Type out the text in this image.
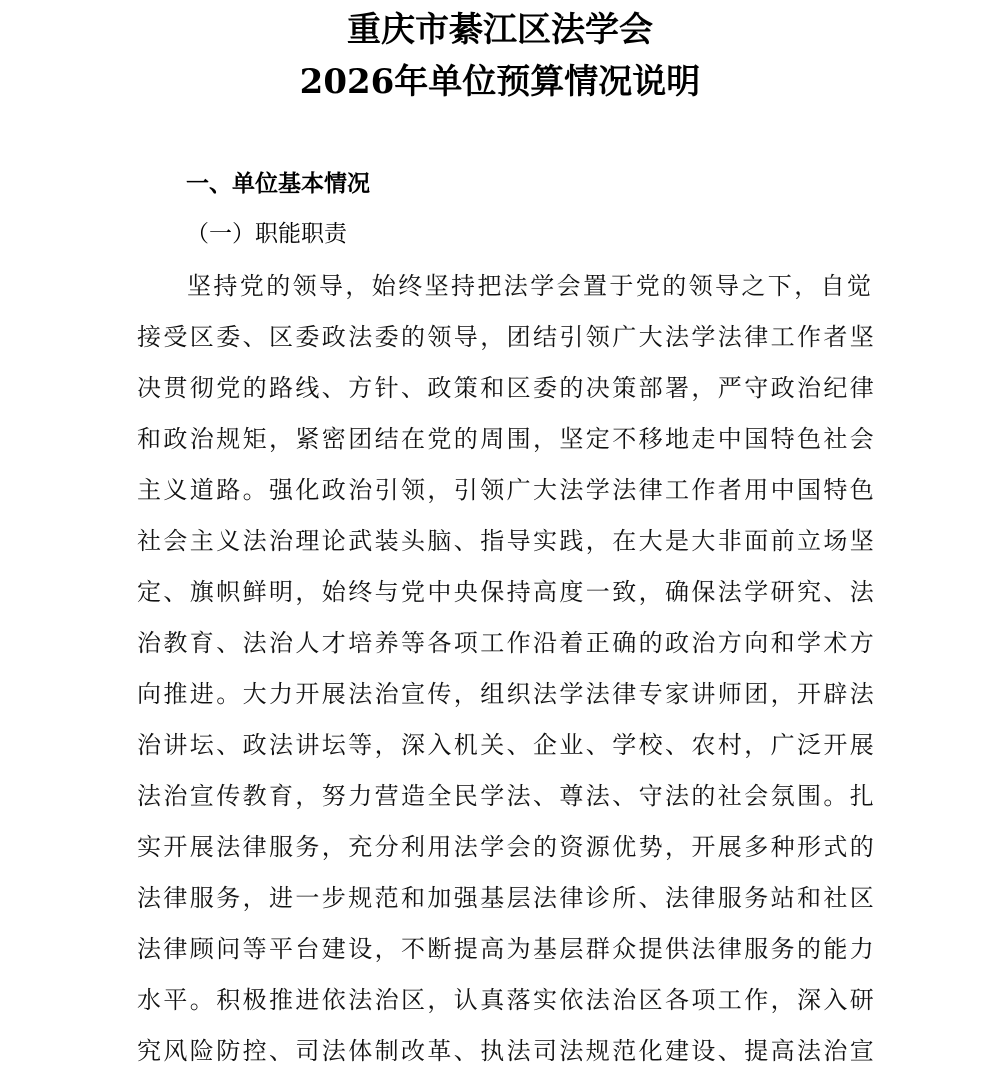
重庆市綦江区法学会
2026年单位预算情况说明
一、单位基本情况
（一）职能职责
坚持党的领导，始终坚持把法学会置于党的领导之下，自觉
接受区委、区委政法委的领导，团结引领广大法学法律工作者坚
决贯彻党的路线、方针、政策和区委的决策部署，严守政治纪律
和政治规矩，紧密团结在党的周围，坚定不移地走中国特色社会
主义道路。强化政治引领，引领广大法学法律工作者用中国特色
社会主义法治理论武装头脑、指导实践，在大是大非面前立场坚
定、旗帜鲜明，始终与党中央保持高度一致，确保法学研究、法
治教育、法治人才培养等各项工作沿着正确的政治方向和学术方
向推进。大力开展法治宣传，组织法学法律专家讲师团，开辟法
治讲坛、政法讲坛等，深入机关、企业、学校、农村，广泛开展
法治宣传教育，努力营造全民学法、尊法、守法的社会氛围。扎
实开展法律服务，充分利用法学会的资源优势，开展多种形式的
法律服务，进一步规范和加强基层法律诊所、法律服务站和社区
法律顾问等平台建设，不断提高为基层群众提供法律服务的能力
水平。积极推进依法治区，认真落实依法治区各项工作，深入研
究风险防控、司法体制改革、执法司法规范化建设、提高法治宣
